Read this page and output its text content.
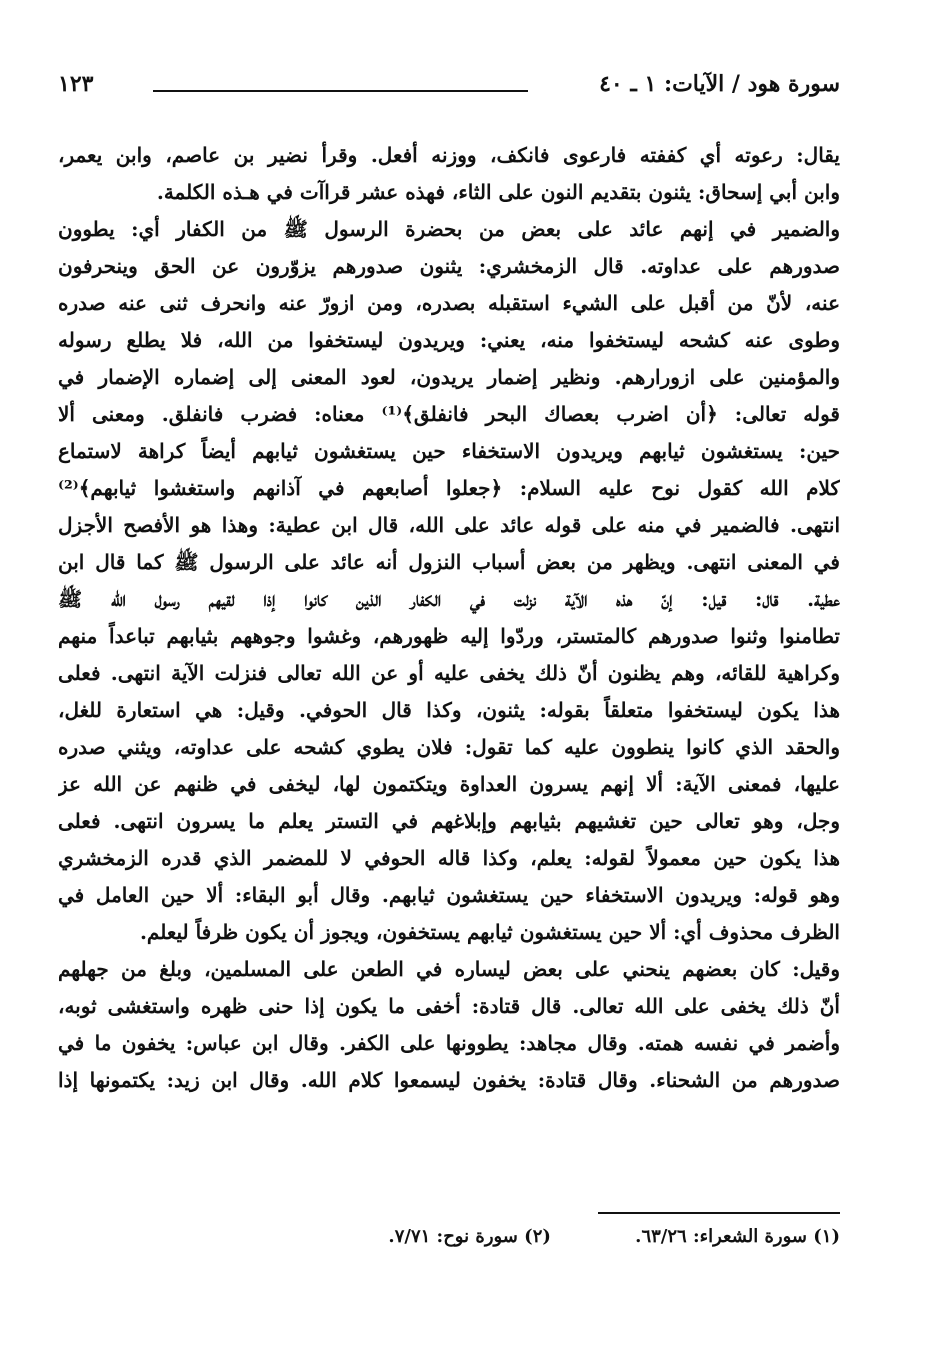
سورة هود / الآيات: ١ ـ ٤٠
١٢٣
يقال: رعوته أي كففته فارعوى فانكف، ووزنه أفعل. وقرأ نضير بن عاصم، وابن يعمر،
وابن أبي إسحاق: يثنون بتقديم النون على الثاء، فهذه عشر قراآت في هـذه الكلمة.
والضمير في إنهم عائد على بعض من بحضرة الرسول ﷺ من الكفار أي: يطوون
صدورهم على عداوته. قال الزمخشري: يثنون صدورهم يزوّرون عن الحق وينحرفون
عنه، لأنّ من أقبل على الشيء استقبله بصدره، ومن ازورّ عنه وانحرف ثنى عنه صدره
وطوى عنه كشحه ليستخفوا منه، يعني: ويريدون ليستخفوا من الله، فلا يطلع رسوله
والمؤمنين على ازورارهم. ونظير إضمار يريدون، لعود المعنى إلى إضماره الإضمار في
قوله تعالى: ﴿أن اضرب بعصاك البحر فانفلق﴾⁽¹⁾ معناه: فضرب فانفلق. ومعنى ألا
حين: يستغشون ثيابهم ويريدون الاستخفاء حين يستغشون ثيابهم أيضاً كراهة لاستماع
كلام الله كقول نوح عليه السلام: ﴿جعلوا أصابعهم في آذانهم واستغشوا ثيابهم﴾⁽²⁾
انتهى. فالضمير في منه على قوله عائد على الله، قال ابن عطية: وهذا هو الأفصح الأجزل
في المعنى انتهى. ويظهر من بعض أسباب النزول أنه عائد على الرسول ﷺ كما قال ابن
عطية. قال: قيل: إنّ هذه الآية نزلت في الكفار الذين كانوا إذا لقيهم رسول الله ﷺ
تطامنوا وثنوا صدورهم كالمتستر، وردّوا إليه ظهورهم، وغشوا وجوههم بثيابهم تباعداً منهم
وكراهية للقائه، وهم يظنون أنّ ذلك يخفى عليه أو عن الله تعالى فنزلت الآية انتهى. فعلى
هذا يكون ليستخفوا متعلقاً بقوله: يثنون، وكذا قال الحوفي. وقيل: هي استعارة للغل،
والحقد الذي كانوا ينطوون عليه كما تقول: فلان يطوي كشحه على عداوته، ويثني صدره
عليها، فمعنى الآية: ألا إنهم يسرون العداوة ويتكتمون لها، ليخفى في ظنهم عن الله عز
وجل، وهو تعالى حين تغشيهم بثيابهم وإبلاغهم في التستر يعلم ما يسرون انتهى. فعلى
هذا يكون حين معمولاً لقوله: يعلم، وكذا قاله الحوفي لا للمضمر الذي قدره الزمخشري
وهو قوله: ويريدون الاستخفاء حين يستغشون ثيابهم. وقال أبو البقاء: ألا حين العامل في
الظرف محذوف أي: ألا حين يستغشون ثيابهم يستخفون، ويجوز أن يكون ظرفاً ليعلم.
وقيل: كان بعضهم ينحني على بعض ليساره في الطعن على المسلمين، وبلغ من جهلهم
أنّ ذلك يخفى على الله تعالى. قال قتادة: أخفى ما يكون إذا حنى ظهره واستغشى ثوبه،
وأضمر في نفسه همته. وقال مجاهد: يطوونها على الكفر. وقال ابن عباس: يخفون ما في
صدورهم من الشحناء. وقال قتادة: يخفون ليسمعوا كلام الله. وقال ابن زيد: يكتمونها إذا
(١) سورة الشعراء: ٦٣/٢٦. (٢) سورة نوح: ٧/٧١.
